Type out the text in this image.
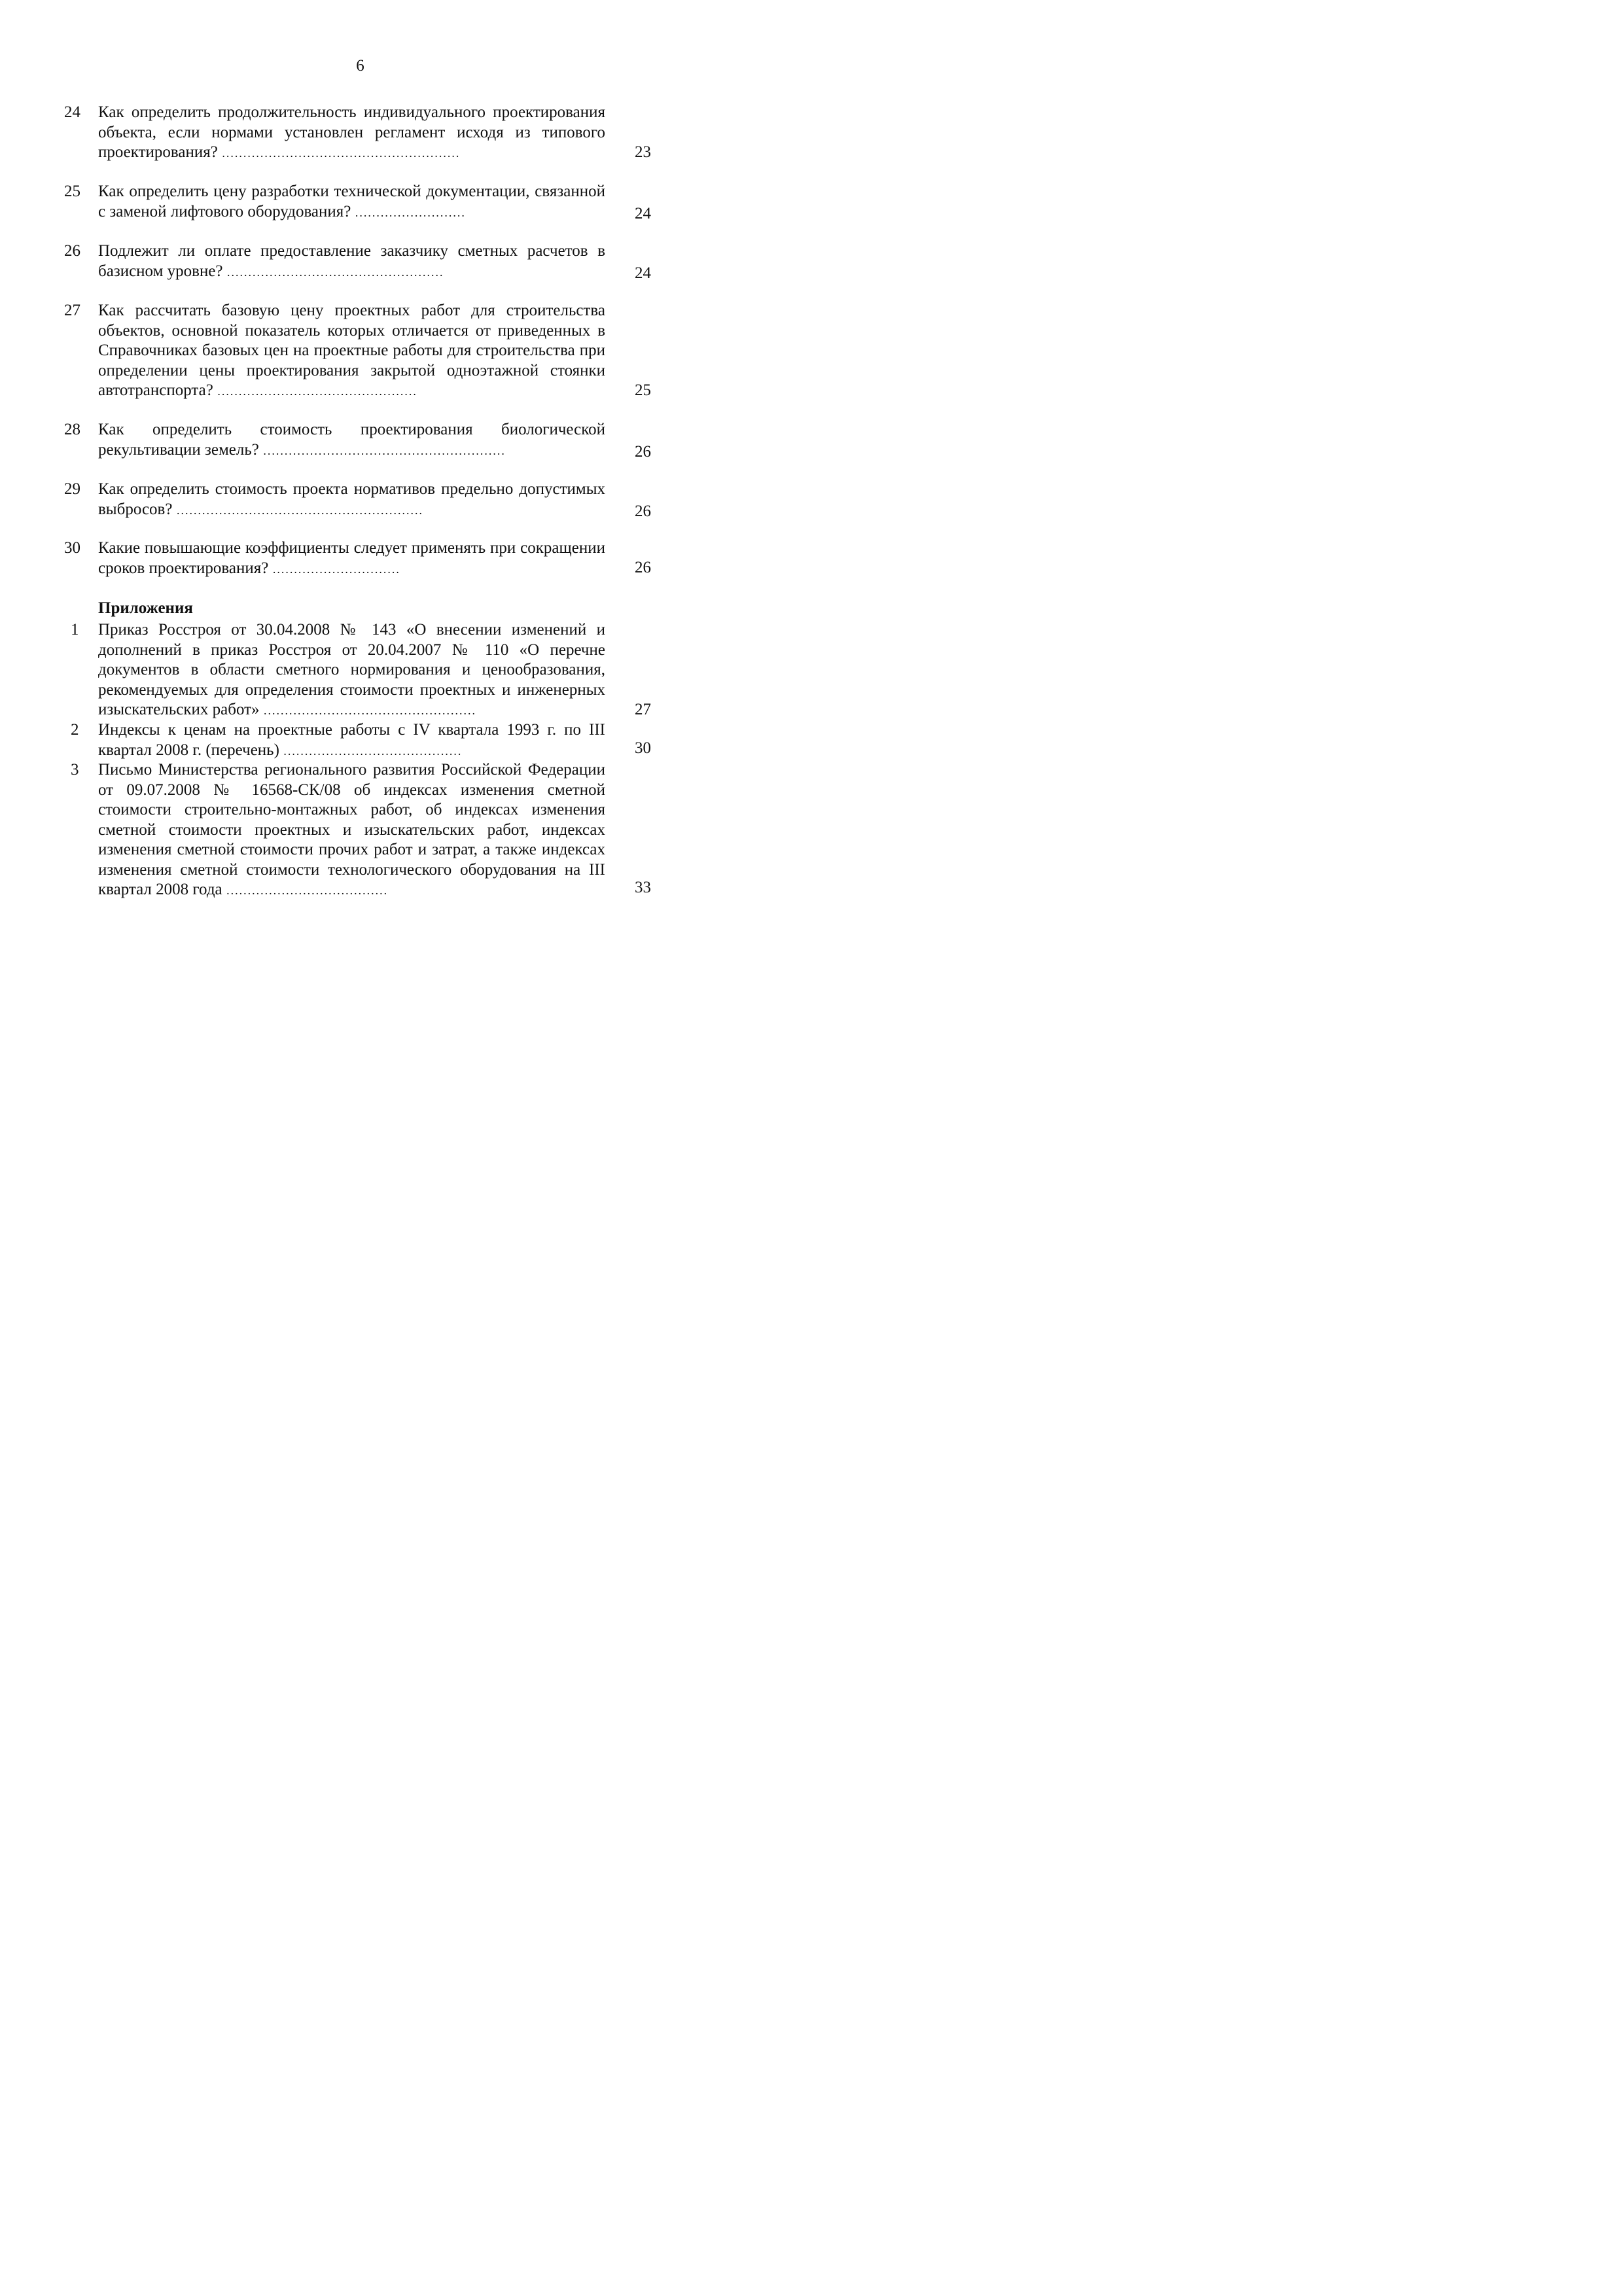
6
24	Как определить продолжительность индивидуального проектирования объекта, если нормами установлен регламент исходя из типового проектирования? ........................................................	23
25	Как определить цену разработки технической документации, связанной с заменой лифтового оборудования? ..........................	24
26	Подлежит ли оплате предоставление заказчику сметных расчетов в базисном уровне? ...................................................	24
27	Как рассчитать базовую цену проектных работ для строительства объектов, основной показатель которых отличается от приведенных в Справочниках базовых цен на проектные работы для строительства при определении цены проектирования закрытой одноэтажной стоянки автотранспорта? ...............................................	25
28	Как определить стоимость проектирования биологической рекультивации земель? .........................................................	26
29	Как определить стоимость проекта нормативов предельно допустимых выбросов? ..........................................................	26
30	Какие повышающие коэффициенты следует применять при сокращении сроков проектирования? ..............................	26
Приложения
1	Приказ Росстроя от 30.04.2008 № 143 «О внесении изменений и дополнений в приказ Росстроя от 20.04.2007 № 110 «О перечне документов в области сметного нормирования и ценообразования, рекомендуемых для определения стоимости проектных и инженерных изыскательских работ» ..................................................	27
2	Индексы к ценам на проектные работы с IV квартала 1993 г. по III квартал 2008 г. (перечень) ..........................................	30
3	Письмо Министерства регионального развития Российской Федерации от 09.07.2008 № 16568-СК/08 об индексах изменения сметной стоимости строительно-монтажных работ, об индексах изменения сметной стоимости проектных и изыскательских работ, индексах изменения сметной стоимости прочих работ и затрат, а также индексах изменения сметной стоимости технологического оборудования на III квартал 2008 года ......................................	33
